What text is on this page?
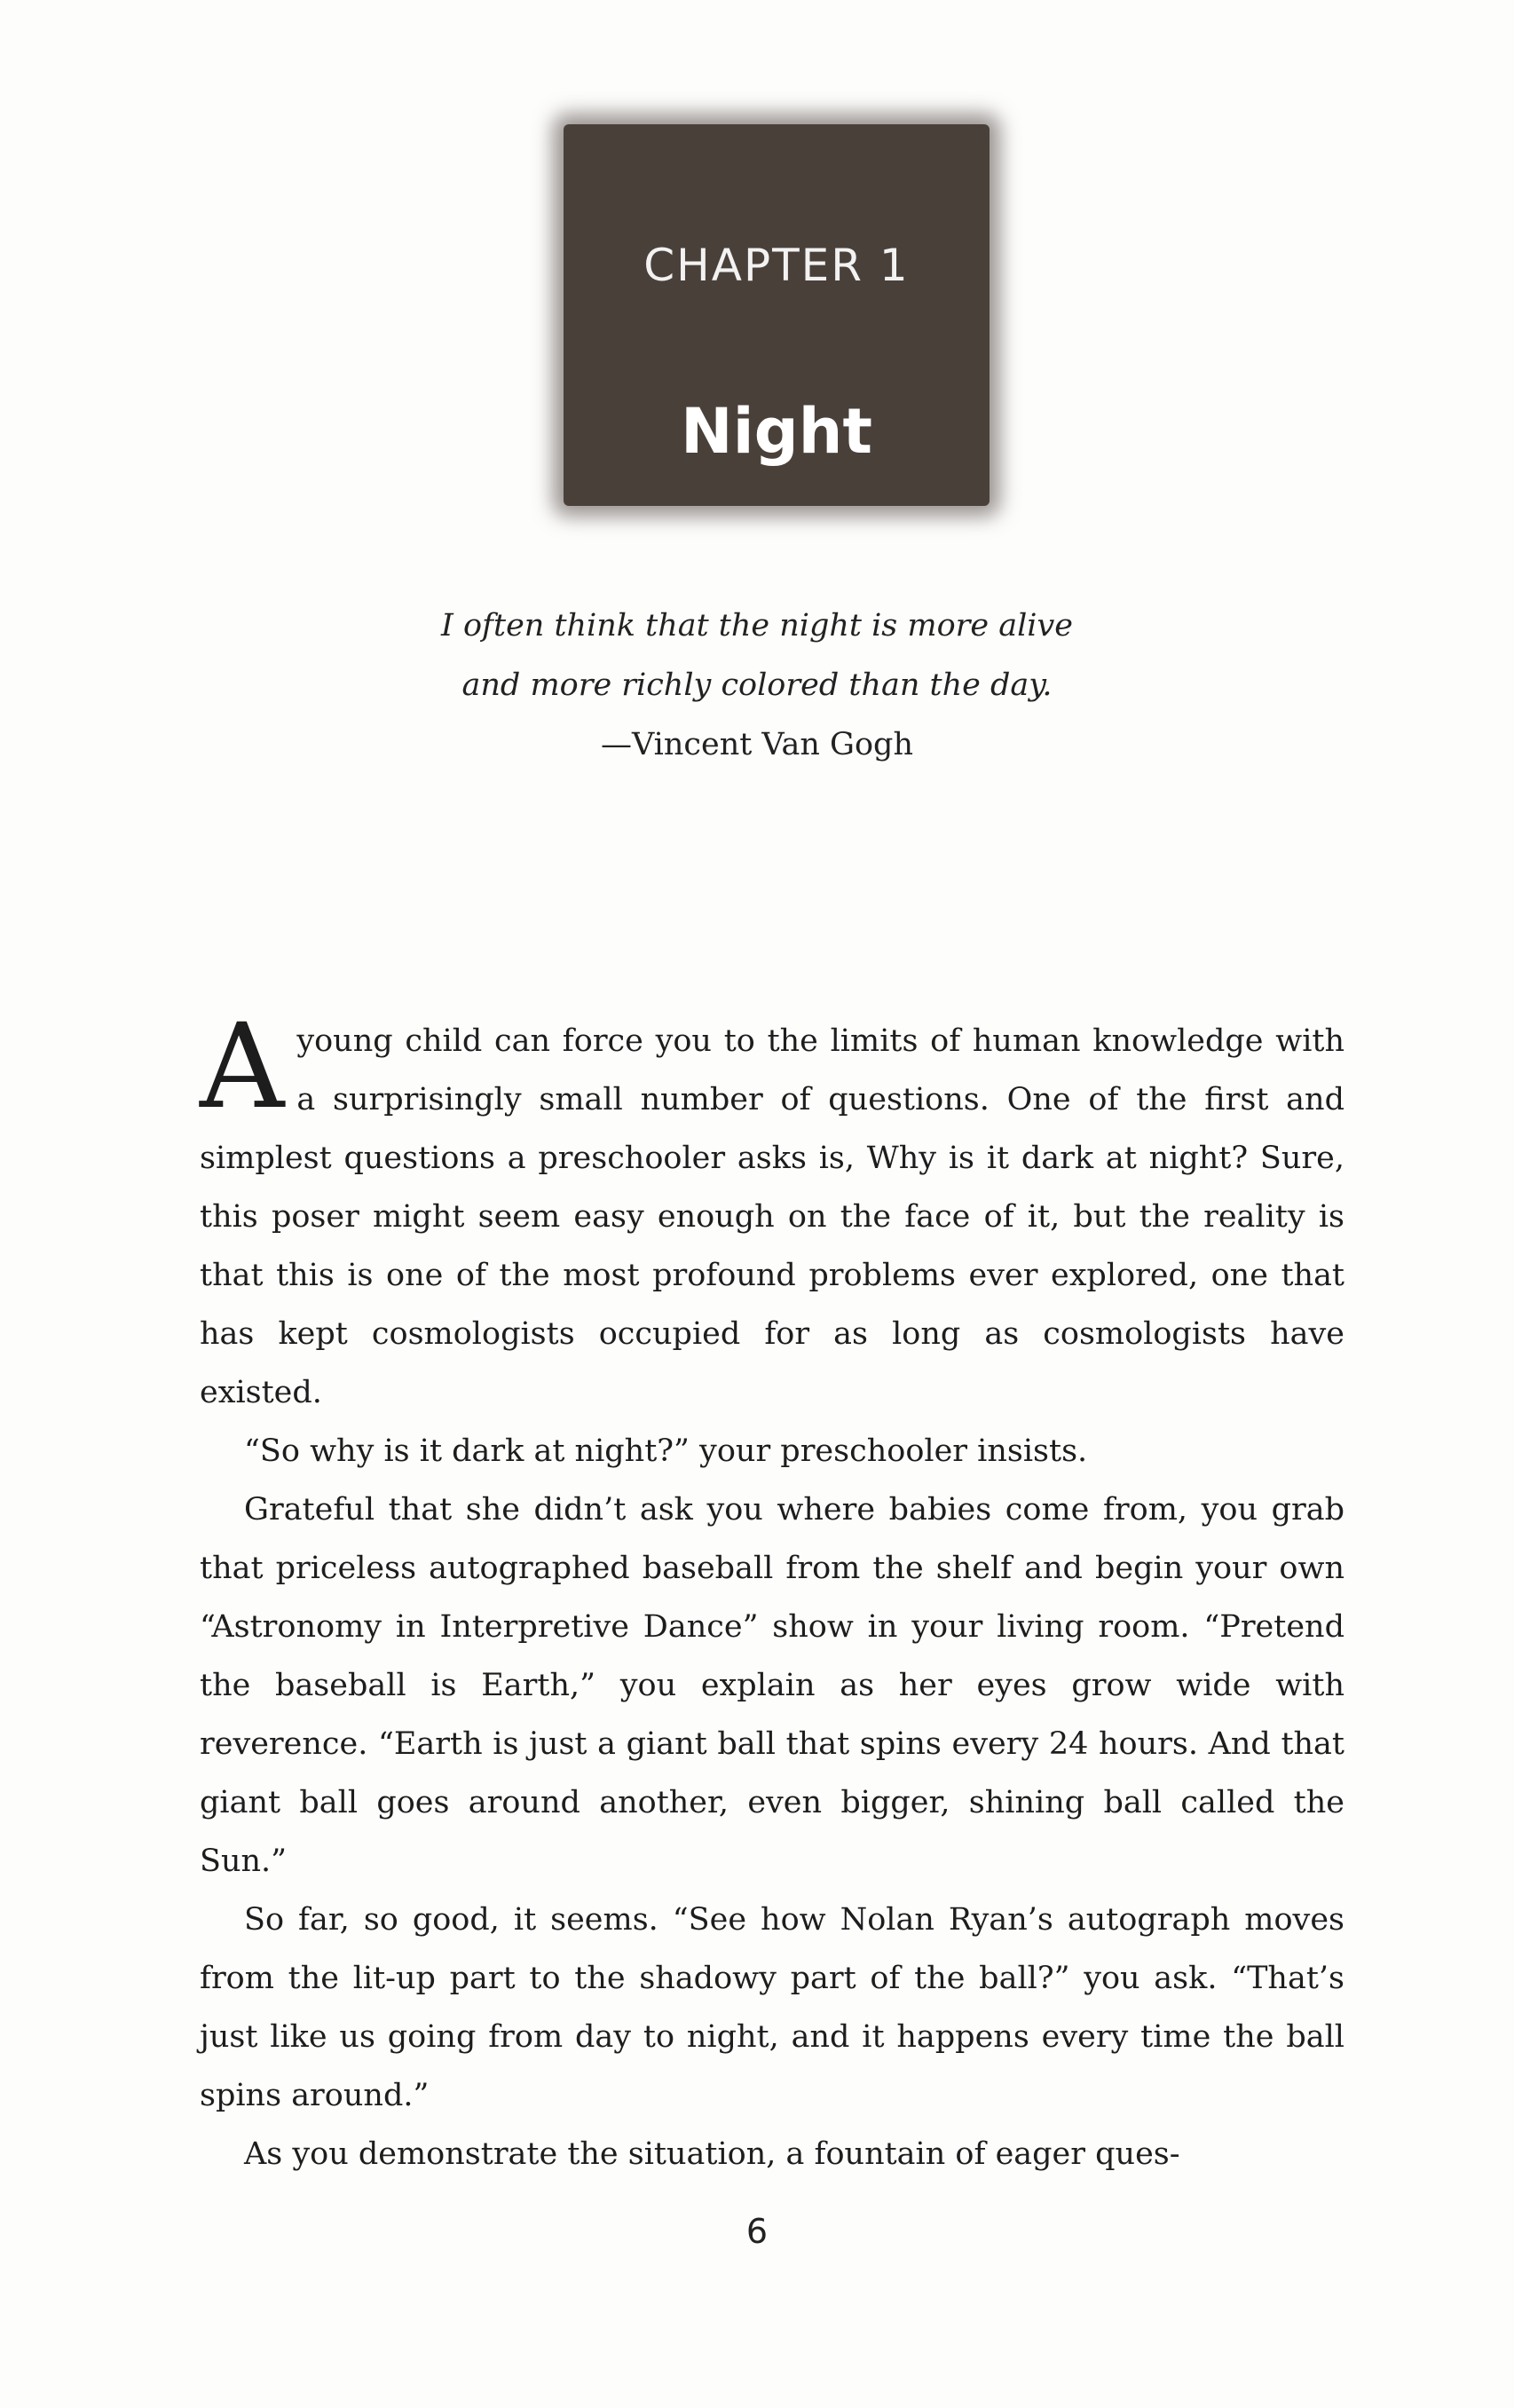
CHAPTER 1
Night
I often think that the night is more alive
and more richly colored than the day.
—Vincent Van Gogh

A young child can force you to the limits of human knowledge with a surprisingly small number of questions. One of the first and simplest questions a preschooler asks is, Why is it dark at night? Sure, this poser might seem easy enough on the face of it, but the reality is that this is one of the most profound problems ever explored, one that has kept cosmologists occupied for as long as cosmologists have existed.

“So why is it dark at night?” your preschooler insists.

Grateful that she didn’t ask you where babies come from, you grab that priceless autographed baseball from the shelf and begin your own “Astronomy in Interpretive Dance” show in your living room. “Pretend the baseball is Earth,” you explain as her eyes grow wide with reverence. “Earth is just a giant ball that spins every 24 hours. And that giant ball goes around another, even bigger, shining ball called the Sun.”

So far, so good, it seems. “See how Nolan Ryan’s autograph moves from the lit-up part to the shadowy part of the ball?” you ask. “That’s just like us going from day to night, and it happens every time the ball spins around.”

As you demonstrate the situation, a fountain of eager ques-

6
